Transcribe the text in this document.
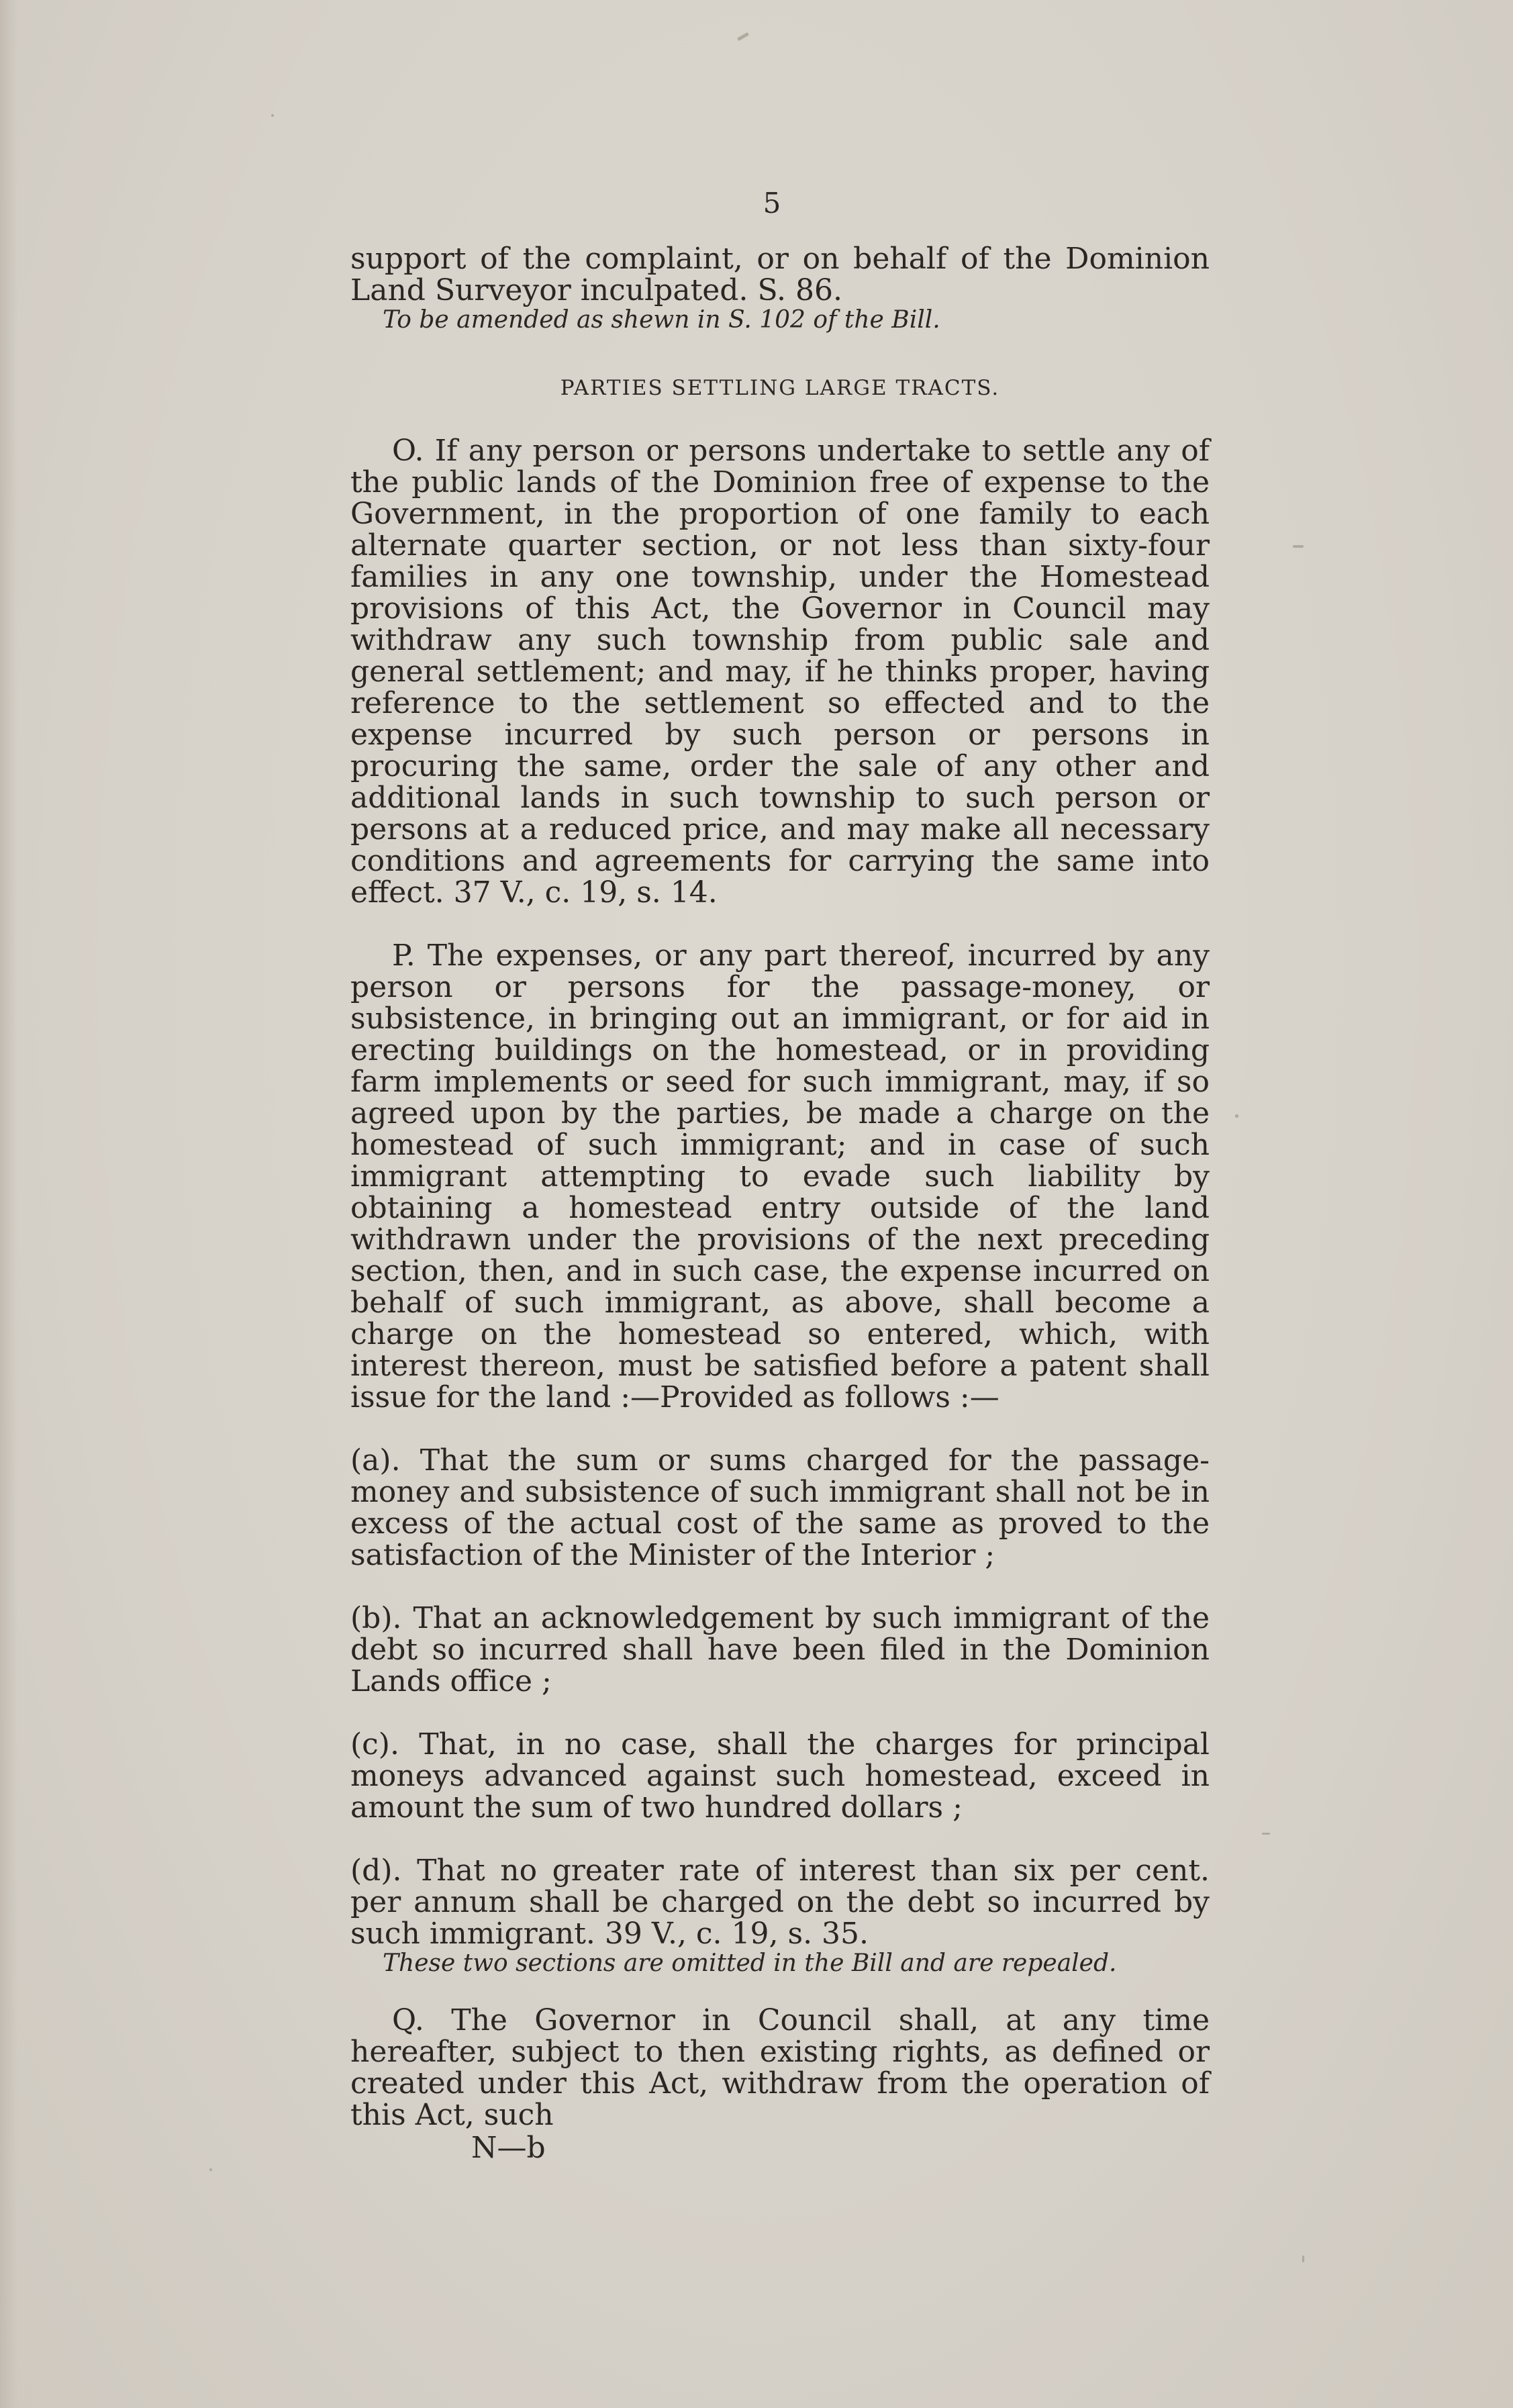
5

support of the complaint, or on behalf of the Dominion Land Surveyor inculpated. S. 86.

To be amended as shewn in S. 102 of the Bill.

PARTIES SETTLING LARGE TRACTS.

O. If any person or persons undertake to settle any of the public lands of the Dominion free of expense to the Government, in the proportion of one family to each alternate quarter section, or not less than sixty-four families in any one township, under the Homestead provisions of this Act, the Governor in Council may withdraw any such township from public sale and general settlement; and may, if he thinks proper, having reference to the settlement so effected and to the expense incurred by such person or persons in procuring the same, order the sale of any other and additional lands in such township to such person or persons at a reduced price, and may make all necessary conditions and agreements for carrying the same into effect. 37 V., c. 19, s. 14.

P. The expenses, or any part thereof, incurred by any person or persons for the passage-money, or subsistence, in bringing out an immigrant, or for aid in erecting buildings on the homestead, or in providing farm implements or seed for such immigrant, may, if so agreed upon by the parties, be made a charge on the homestead of such immigrant; and in case of such immigrant attempting to evade such liability by obtaining a homestead entry outside of the land withdrawn under the provisions of the next preceding section, then, and in such case, the expense incurred on behalf of such immigrant, as above, shall become a charge on the homestead so entered, which, with interest thereon, must be satisfied before a patent shall issue for the land :—Provided as follows :—

(a). That the sum or sums charged for the passage-money and subsistence of such immigrant shall not be in excess of the actual cost of the same as proved to the satisfaction of the Minister of the Interior ;

(b). That an acknowledgement by such immigrant of the debt so incurred shall have been filed in the Dominion Lands office ;

(c). That, in no case, shall the charges for principal moneys advanced against such homestead, exceed in amount the sum of two hundred dollars ;

(d). That no greater rate of interest than six per cent. per annum shall be charged on the debt so incurred by such immigrant. 39 V., c. 19, s. 35.

These two sections are omitted in the Bill and are repealed.

Q. The Governor in Council shall, at any time hereafter, subject to then existing rights, as defined or created under this Act, withdraw from the operation of this Act, such

N—b
